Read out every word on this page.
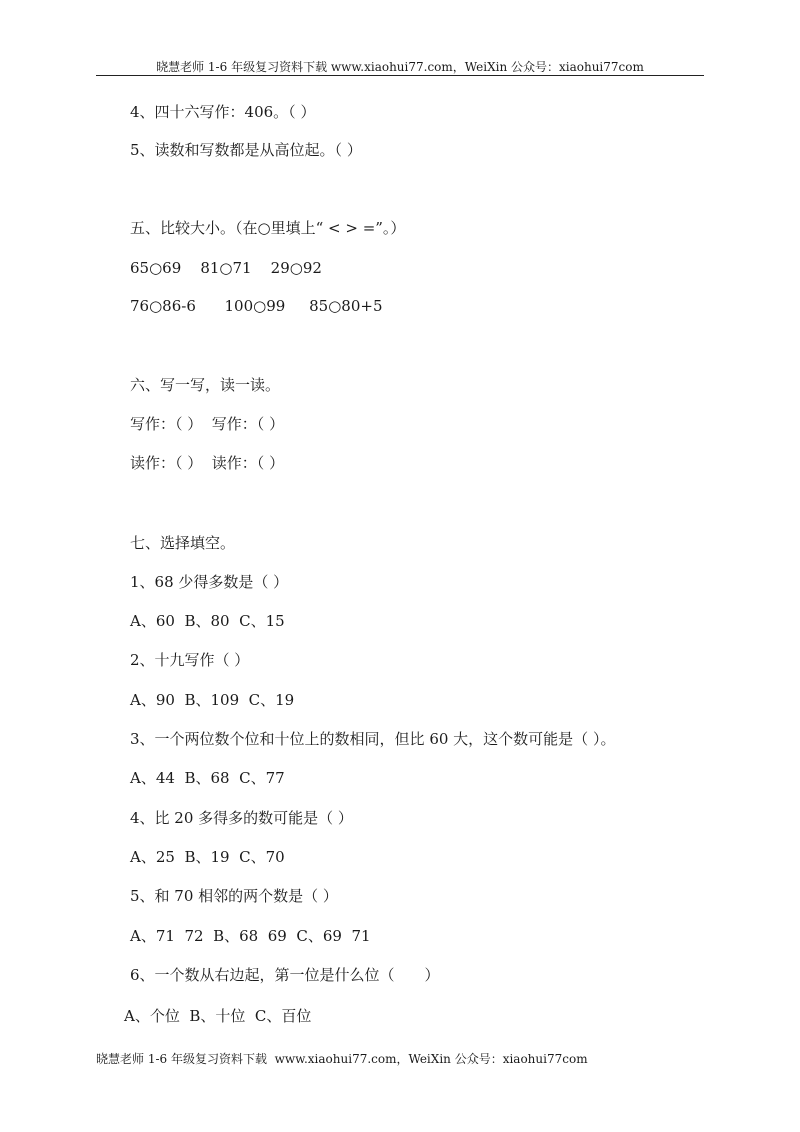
晓慧老师 1-6 年级复习资料下载 www.xiaohui77.com，WeiXin 公众号：xiaohui77com
4、四十六写作：406。（ ）
5、读数和写数都是从高位起。（ ）
五、比较大小。（在○里填上“ < > =”。）
65○69    81○71    29○92
76○86-6      100○99     85○80+5
六、写一写，读一读。
写作：（ ）  写作：（ ）
读作：（ ）  读作：（ ）
七、选择填空。
1、68 少得多数是（ ）
A、60  B、80  C、15
2、十九写作（ ）
A、90  B、109  C、19
3、一个两位数个位和十位上的数相同，但比 60 大，这个数可能是（ ）。
A、44  B、68  C、77
4、比 20 多得多的数可能是（ ）
A、25  B、19  C、70
5、和 70 相邻的两个数是（ ）
A、71  72  B、68  69  C、69  71
6、一个数从右边起，第一位是什么位（　　）
A、个位  B、十位  C、百位
晓慧老师 1-6 年级复习资料下载  www.xiaohui77.com，WeiXin 公众号：xiaohui77com
